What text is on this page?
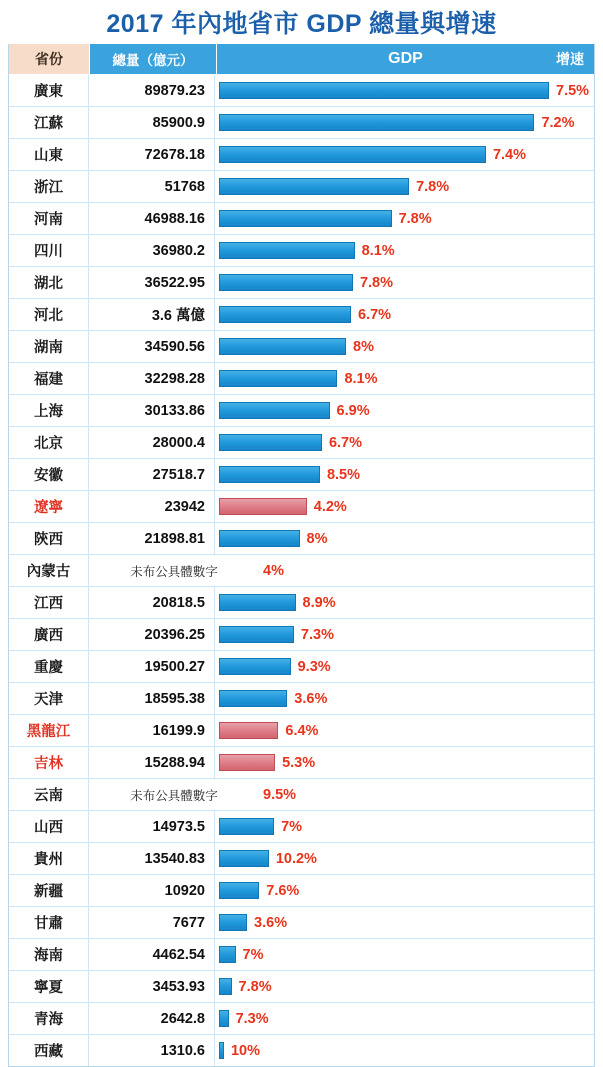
2017 年內地省市 GDP 總量與增速
省份	總量（億元）	GDP	增速
廣東	89879.23	7.5%
江蘇	85900.9	7.2%
山東	72678.18	7.4%
浙江	51768	7.8%
河南	46988.16	7.8%
四川	36980.2	8.1%
湖北	36522.95	7.8%
河北	3.6 萬億	6.7%
湖南	34590.56	8%
福建	32298.28	8.1%
上海	30133.86	6.9%
北京	28000.4	6.7%
安徽	27518.7	8.5%
遼寧	23942	4.2%
陝西	21898.81	8%
內蒙古	未布公具體數字	4%
江西	20818.5	8.9%
廣西	20396.25	7.3%
重慶	19500.27	9.3%
天津	18595.38	3.6%
黑龍江	16199.9	6.4%
吉林	15288.94	5.3%
云南	未布公具體數字	9.5%
山西	14973.5	7%
貴州	13540.83	10.2%
新疆	10920	7.6%
甘肅	7677	3.6%
海南	4462.54	7%
寧夏	3453.93	7.8%
青海	2642.8	7.3%
西藏	1310.6	10%
